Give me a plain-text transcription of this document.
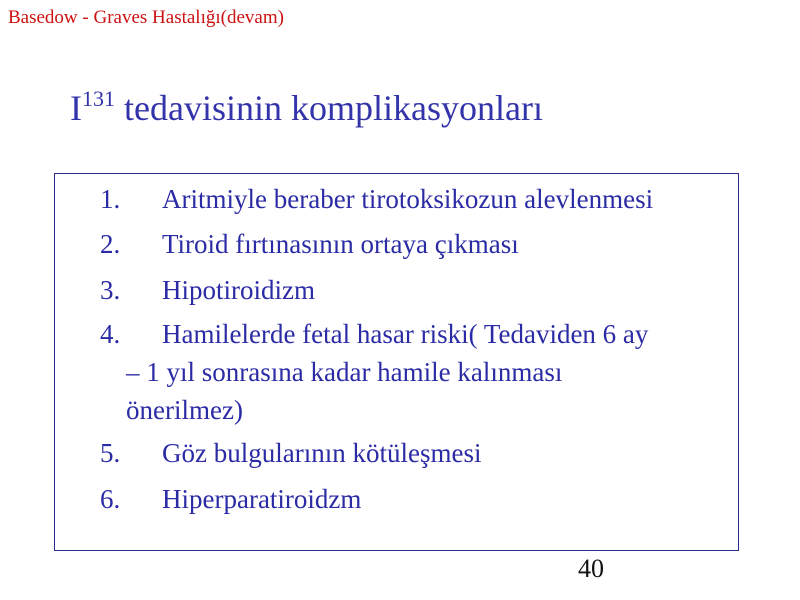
Basedow - Graves Hastalığı(devam)
$I^{131}$ tedavisinin komplikasyonları
1. Aritmiyle beraber tirotoksikozun alevlenmesi
2. Tiroid fırtınasının ortaya çıkması
3. Hipotiroidizm
4. Hamilelerde fetal hasar riski( Tedaviden 6 ay
– 1 yıl sonrasına kadar hamile kalınması
önerilmez)
5. Göz bulgularının kötüleşmesi
6. Hiperparatiroidzm
40
